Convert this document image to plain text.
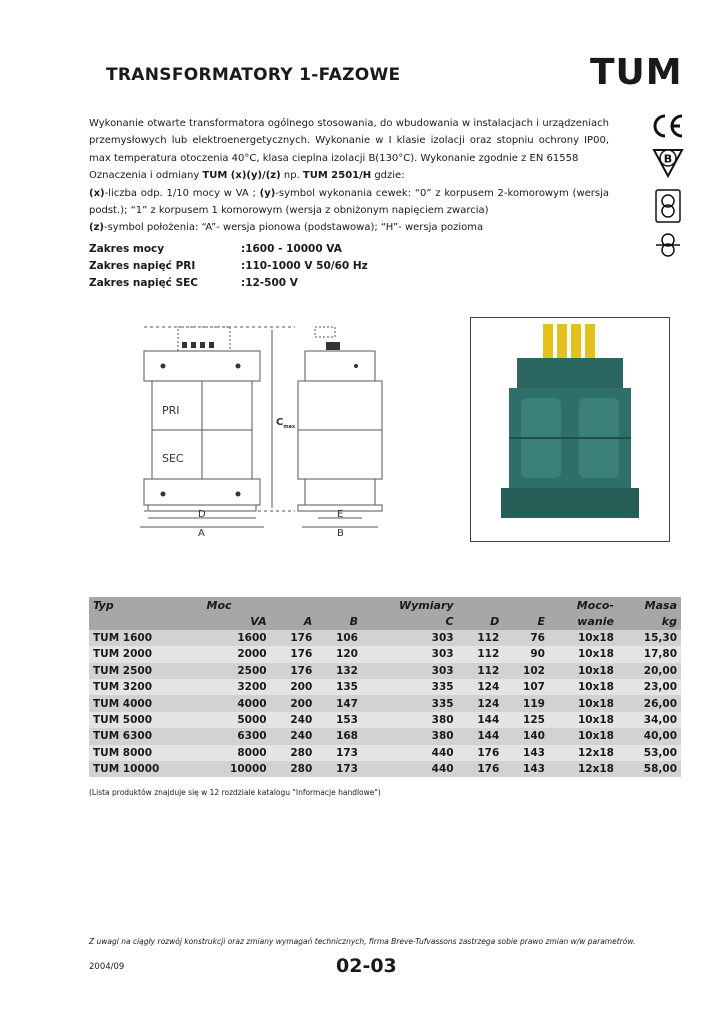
TRANSFORMATORY 1-FAZOWE	TUM

Wykonanie otwarte transformatora ogólnego stosowania, do wbudowania w instalacjach i urządzeniach przemysłowych lub elektroenergetycznych. Wykonanie w I klasie izolacji oraz stopniu ochrony IP00, max temperatura otoczenia 40°C, klasa cieplna izolacji B(130°C). Wykonanie zgodnie z EN 61558

Oznaczenia i odmiany TUM (x)(y)/(z) np. TUM 2501/H gdzie:

(x)-liczba odp. 1/10 mocy w VA ; (y)-symbol wykonania cewek: “0” z korpusem 2-komorowym (wersja podst.); “1” z korpusem 1 komorowym (wersja z obniżonym napięciem zwarcia)

(z)-symbol położenia: “A”- wersja pionowa (podstawowa); “H”- wersja pozioma

Zakres mocy	:1600 - 10000 VA
Zakres napięć PRI	:110-1000 V 50/60 Hz
Zakres napięć SEC	:12-500 V
B
PRI
SEC
$C_{max}$
D
A
E
B
Typ	Moc			Wymiary			Moco-	Masa
	VA	A	B	C	D	E	wanie	kg
TUM 1600	1600	176	106	303	112	76	10x18	15,30
TUM 2000	2000	176	120	303	112	90	10x18	17,80
TUM 2500	2500	176	132	303	112	102	10x18	20,00
TUM 3200	3200	200	135	335	124	107	10x18	23,00
TUM 4000	4000	200	147	335	124	119	10x18	26,00
TUM 5000	5000	240	153	380	144	125	10x18	34,00
TUM 6300	6300	240	168	380	144	140	10x18	40,00
TUM 8000	8000	280	173	440	176	143	12x18	53,00
TUM 10000	10000	280	173	440	176	143	12x18	58,00
(Lista produktów znajduje się w 12 rozdziale katalogu "Informacje handlowe")
Z uwagi na ciągły rozwój konstrukcji oraz zmiany wymagań technicznych, firma Breve-Tufvassons zastrzega sobie prawo zmian w/w parametrów.
2004/09	02-03
